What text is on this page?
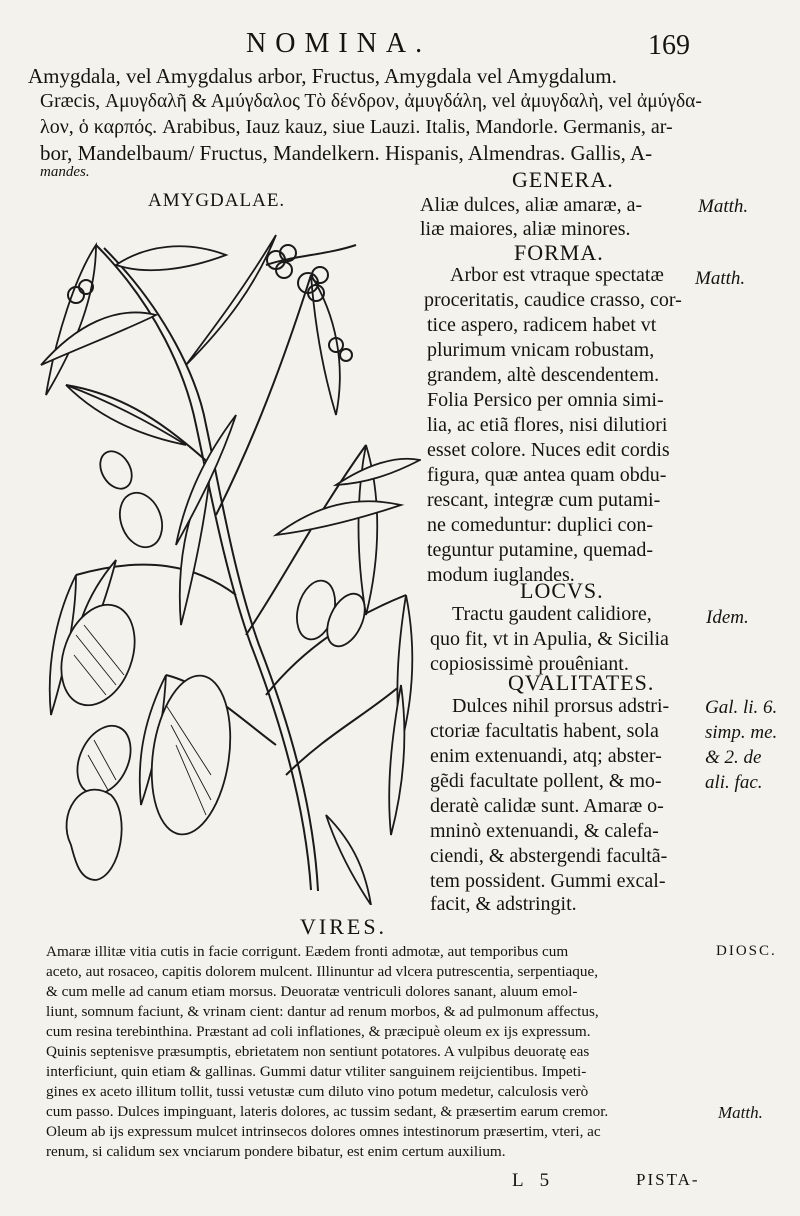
NOMINA.	169
Amygdala, vel Amygdalus arbor, Fructus, Amygdala vel Amygdalum.
Græcis, Αμυγδαλῆ & Αμύγδαλος Τὸ δένδρον, ἀμυγδάλη, vel ἀμυγδαλὴ, vel ἀμύγδα-
λον, ὁ καρπός. Arabibus, Iauz kauz, siue Lauzi. Italis, Mandorle. Germanis, ar-
bor, Mandelbaum/ Fructus, Mandelkern. Hispanis, Almendras. Gallis, A-
mandes.
AMYGDALAE.
GENERA.
Aliæ dulces, aliæ amaræ, a-
liæ maiores, aliæ minores.
Matth.
FORMA.
Matth.
Arbor est vtraque spectatæ
proceritatis, caudice crasso, cor-
tice aspero, radicem habet vt
plurimum vnicam robustam,
grandem, altè descendentem.
Folia Persico per omnia simi-
lia, ac etiã flores, nisi dilutiori
esset colore. Nuces edit cordis
figura, quæ antea quam obdu-
rescant, integræ cum putami-
ne comeduntur: duplici con-
teguntur putamine, quemad-
modum iuglandes.
LOCVS.
Idem.
Tractu gaudent calidiore,
quo fit, vt in Apulia, & Sicilia
copiosissimè prouêniant.
QVALITATES.
Dulces nihil prorsus adstri-
ctoriæ facultatis habent, sola
enim extenuandi, atq; abster-
gẽdi facultate pollent, & mo-
deratè calidæ sunt. Amaræ o-
mninò extenuandi, & calefa-
ciendi, & abstergendi facultã-
tem possident. Gummi excal-
facit, & adstringit.
Gal. li. 6.
simp. me.
& 2. de
ali. fac.
VIRES.
Amaræ illitæ vitia cutis in facie corrigunt. Eædem fronti admotæ, aut temporibus cum
aceto, aut rosaceo, capitis dolorem mulcent. Illinuntur ad vlcera putrescentia, serpentiaque,
& cum melle ad canum etiam morsus. Deuoratæ ventriculi dolores sanant, aluum emol-
liunt, somnum faciunt, & vrinam cient: dantur ad renum morbos, & ad pulmonum affectus,
cum resina terebinthina. Præstant ad coli inflationes, & præcipuè oleum ex ijs expressum.
Quinis septenisve præsumptis, ebrietatem non sentiunt potatores. A vulpibus deuoratę eas
interficiunt, quin etiam & gallinas. Gummi datur vtiliter sanguinem reijcientibus. Impeti-
gines ex aceto illitum tollit, tussi vetustæ cum diluto vino potum medetur, calculosis verò
cum passo. Dulces impinguant, lateris dolores, ac tussim sedant, & præsertim earum cremor.
Oleum ab ijs expressum mulcet intrinsecos dolores omnes intestinorum præsertim, vteri, ac
renum, si calidum sex vnciarum pondere bibatur, est enim certum auxilium.
DIOSC.
Matth.
L 5	PISTA-
